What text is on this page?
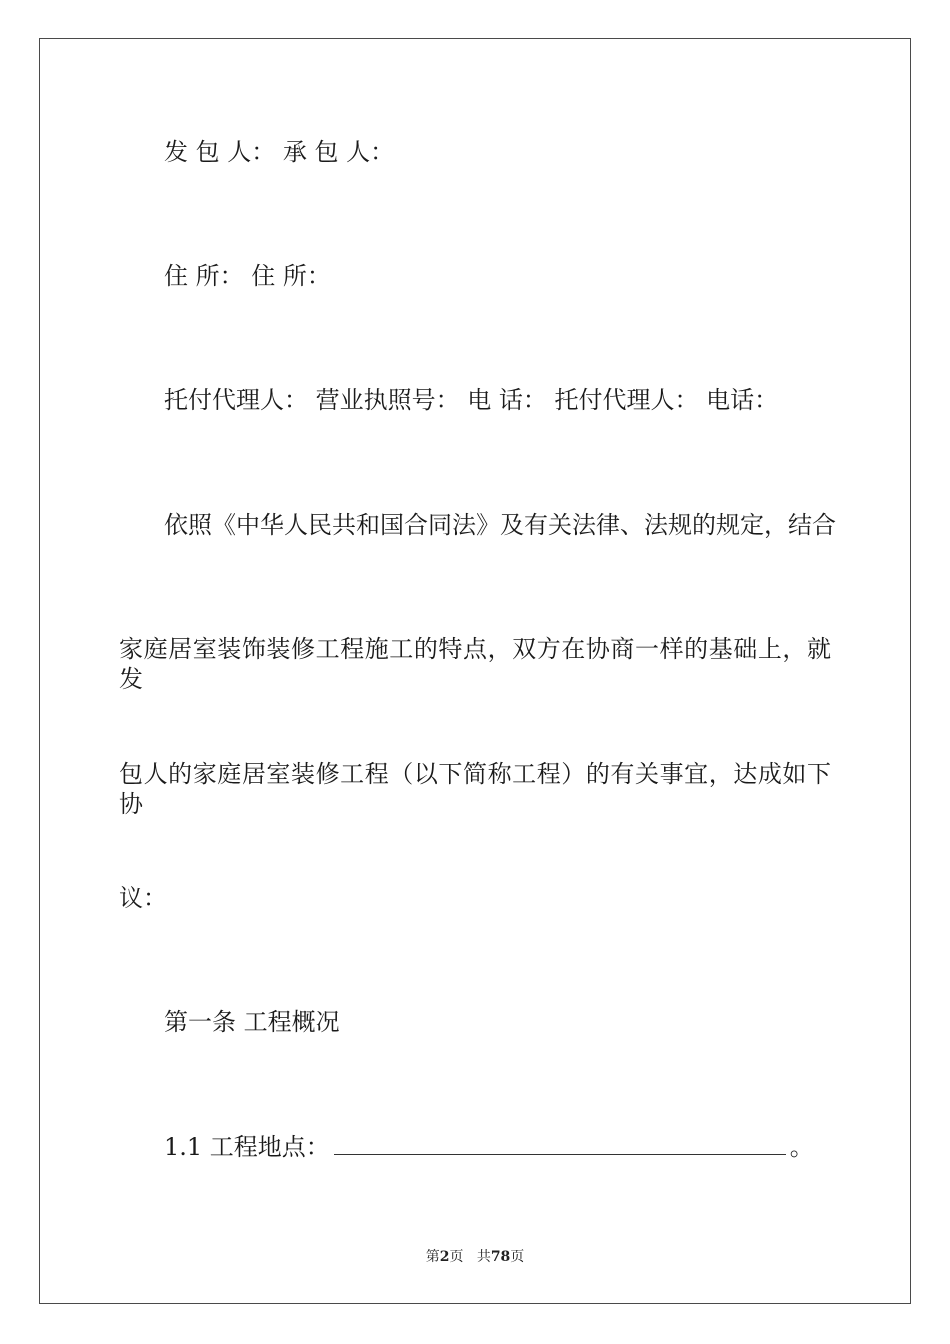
发 包 人： 承 包 人：

住 所： 住 所：

托付代理人： 营业执照号： 电 话： 托付代理人： 电话：

依照《中华人民共和国合同法》及有关法律、法规的规定，结合

家庭居室装饰装修工程施工的特点，双方在协商一样的基础上，就发

包人的家庭居室装修工程（以下简称工程）的有关事宜，达成如下协

议：

第一条 工程概况

1.1 工程地点：	。

第2页 共78页
